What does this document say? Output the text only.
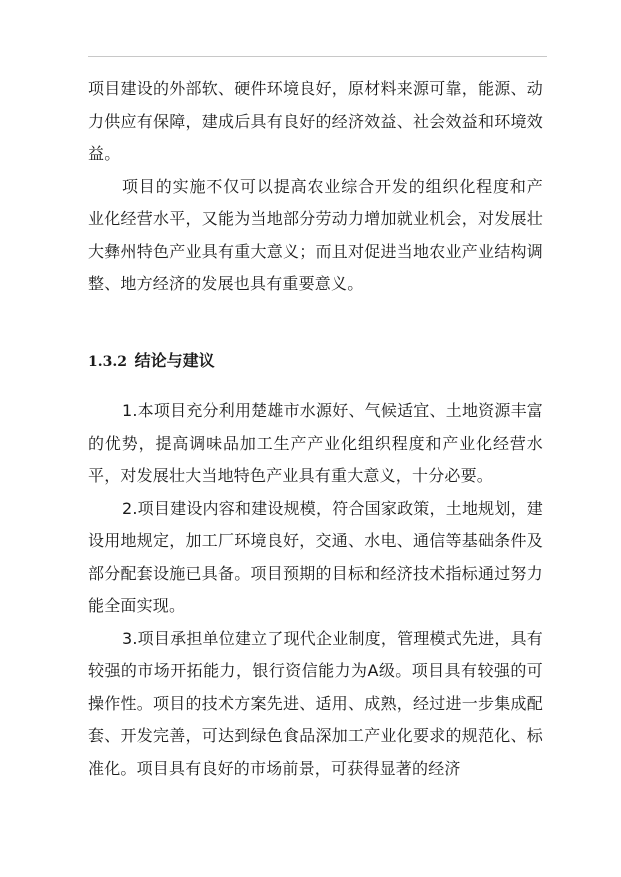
项目建设的外部软、硬件环境良好，原材料来源可靠，能源、动力供应有保障，建成后具有良好的经济效益、社会效益和环境效益。

项目的实施不仅可以提高农业综合开发的组织化程度和产业化经营水平，又能为当地部分劳动力增加就业机会，对发展壮大彝州特色产业具有重大意义；而且对促进当地农业产业结构调整、地方经济的发展也具有重要意义。

1.3.2 结论与建议

1.本项目充分利用楚雄市水源好、气候适宜、土地资源丰富的优势，提高调味品加工生产产业化组织程度和产业化经营水平，对发展壮大当地特色产业具有重大意义，十分必要。

2.项目建设内容和建设规模，符合国家政策，土地规划，建设用地规定，加工厂环境良好，交通、水电、通信等基础条件及部分配套设施已具备。项目预期的目标和经济技术指标通过努力能全面实现。

3.项目承担单位建立了现代企业制度，管理模式先进，具有较强的市场开拓能力，银行资信能力为A级。项目具有较强的可操作性。项目的技术方案先进、适用、成熟，经过进一步集成配套、开发完善，可达到绿色食品深加工产业化要求的规范化、标准化。项目具有良好的市场前景，可获得显著的经济
